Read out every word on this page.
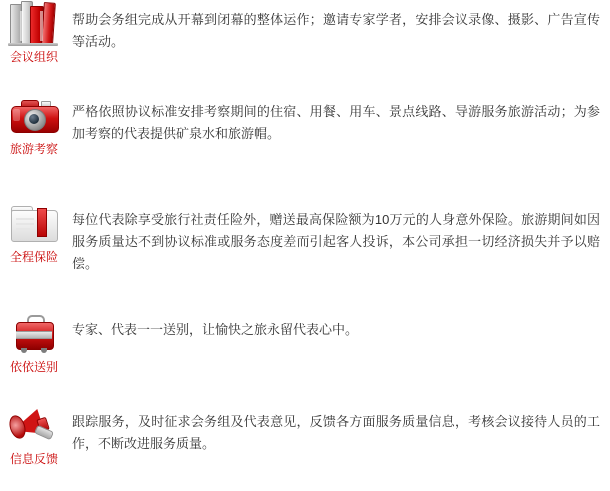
会议组织

帮助会务组完成从开幕到闭幕的整体运作；邀请专家学者，安排会议录像、摄影、广告宣传等活动。

旅游考察

严格依照协议标准安排考察期间的住宿、用餐、用车、景点线路、导游服务旅游活动；为参加考察的代表提供矿泉水和旅游帽。

全程保险

每位代表除享受旅行社责任险外，赠送最高保险额为10万元的人身意外保险。旅游期间如因服务质量达不到协议标准或服务态度差而引起客人投诉，本公司承担一切经济损失并予以赔偿。

依依送别

专家、代表一一送别，让愉快之旅永留代表心中。

信息反馈

跟踪服务，及时征求会务组及代表意见，反馈各方面服务质量信息，考核会议接待人员的工作，不断改进服务质量。
